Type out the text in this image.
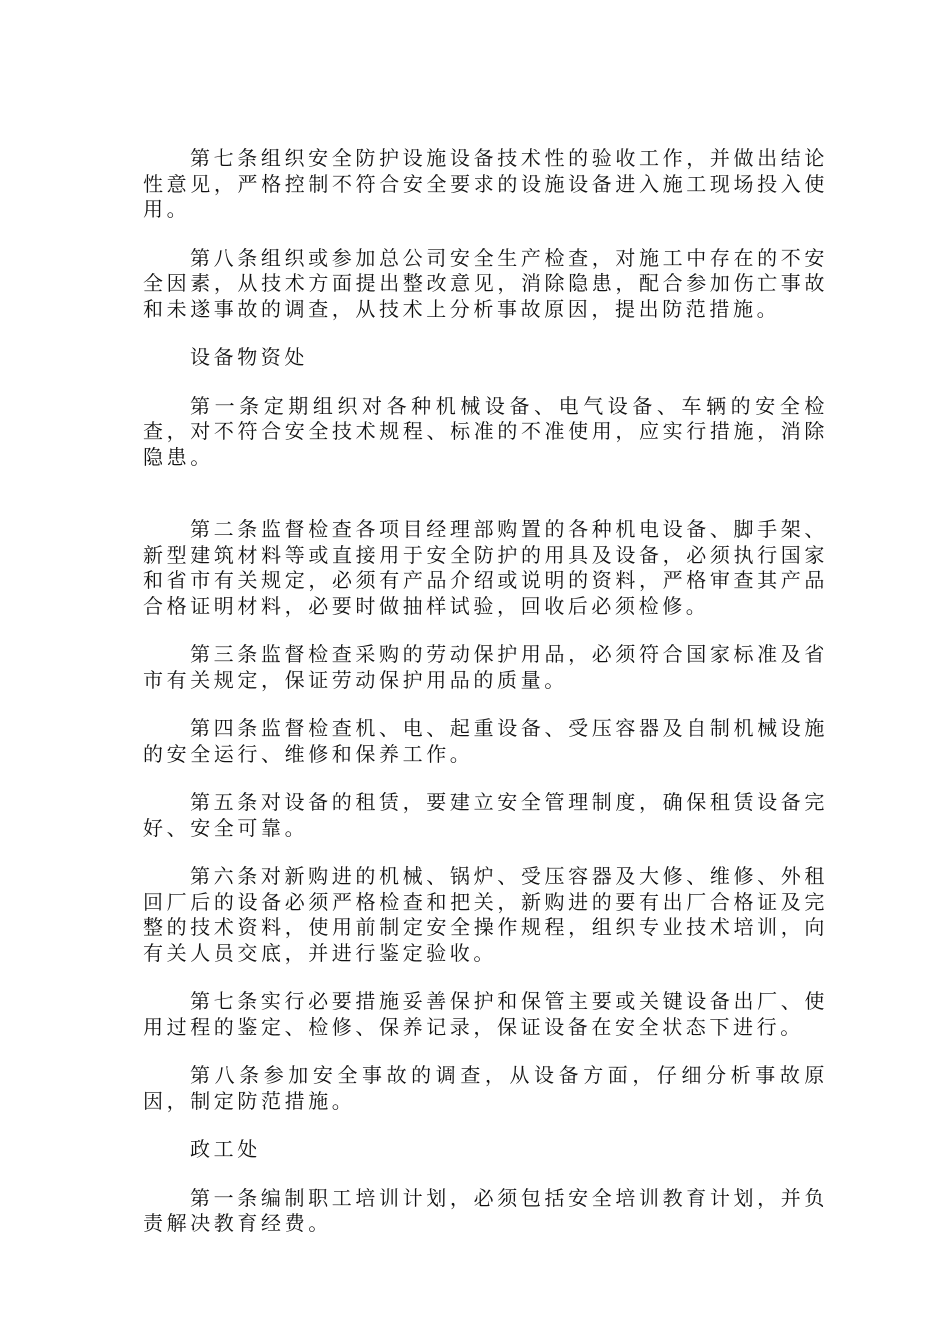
第七条组织安全防护设施设备技术性的验收工作，并做出结论性意见，严格控制不符合安全要求的设施设备进入施工现场投入使用。

第八条组织或参加总公司安全生产检查，对施工中存在的不安全因素，从技术方面提出整改意见，消除隐患，配合参加伤亡事故和未遂事故的调查，从技术上分析事故原因，提出防范措施。

设备物资处

第一条定期组织对各种机械设备、电气设备、车辆的安全检查，对不符合安全技术规程、标准的不准使用，应实行措施，消除隐患。

第二条监督检查各项目经理部购置的各种机电设备、脚手架、新型建筑材料等或直接用于安全防护的用具及设备，必须执行国家和省市有关规定，必须有产品介绍或说明的资料，严格审查其产品合格证明材料，必要时做抽样试验，回收后必须检修。

第三条监督检查采购的劳动保护用品，必须符合国家标准及省市有关规定，保证劳动保护用品的质量。

第四条监督检查机、电、起重设备、受压容器及自制机械设施的安全运行、维修和保养工作。

第五条对设备的租赁，要建立安全管理制度，确保租赁设备完好、安全可靠。

第六条对新购进的机械、锅炉、受压容器及大修、维修、外租回厂后的设备必须严格检查和把关，新购进的要有出厂合格证及完整的技术资料，使用前制定安全操作规程，组织专业技术培训，向有关人员交底，并进行鉴定验收。

第七条实行必要措施妥善保护和保管主要或关键设备出厂、使用过程的鉴定、检修、保养记录，保证设备在安全状态下进行。

第八条参加安全事故的调查，从设备方面，仔细分析事故原因，制定防范措施。

政工处

第一条编制职工培训计划，必须包括安全培训教育计划，并负责解决教育经费。
